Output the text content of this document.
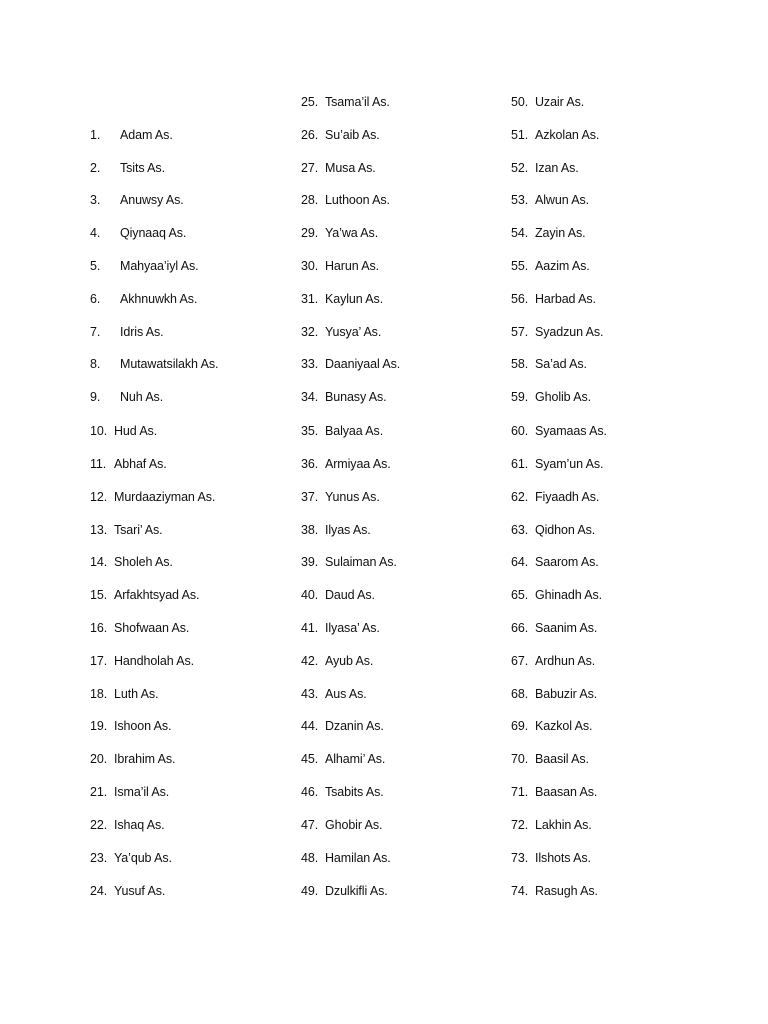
1. Adam As.
2. Tsits As.
3. Anuwsy As.
4. Qiynaaq As.
5. Mahyaa’iyl As.
6. Akhnuwkh As.
7. Idris As.
8. Mutawatsilakh As.
9. Nuh As.
10. Hud As.
11. Abhaf As.
12. Murdaaziyman As.
13. Tsari’ As.
14. Sholeh As.
15. Arfakhtsyad As.
16. Shofwaan As.
17. Handholah As.
18. Luth As.
19. Ishoon As.
20. Ibrahim As.
21. Isma’il As.
22. Ishaq As.
23. Ya’qub As.
24. Yusuf As.
25. Tsama’il As.
26. Su’aib As.
27. Musa As.
28. Luthoon As.
29. Ya’wa As.
30. Harun As.
31. Kaylun As.
32. Yusya’ As.
33. Daaniyaal As.
34. Bunasy As.
35. Balyaa As.
36. Armiyaa As.
37. Yunus As.
38. Ilyas As.
39. Sulaiman As.
40. Daud As.
41. Ilyasa’ As.
42. Ayub As.
43. Aus As.
44. Dzanin As.
45. Alhami’ As.
46. Tsabits As.
47. Ghobir As.
48. Hamilan As.
49. Dzulkifli As.
50. Uzair As.
51. Azkolan As.
52. Izan As.
53. Alwun As.
54. Zayin As.
55. Aazim As.
56. Harbad As.
57. Syadzun As.
58. Sa’ad As.
59. Gholib As.
60. Syamaas As.
61. Syam’un As.
62. Fiyaadh As.
63. Qidhon As.
64. Saarom As.
65. Ghinadh As.
66. Saanim As.
67. Ardhun As.
68. Babuzir As.
69. Kazkol As.
70. Baasil As.
71. Baasan As.
72. Lakhin As.
73. Ilshots As.
74. Rasugh As.
